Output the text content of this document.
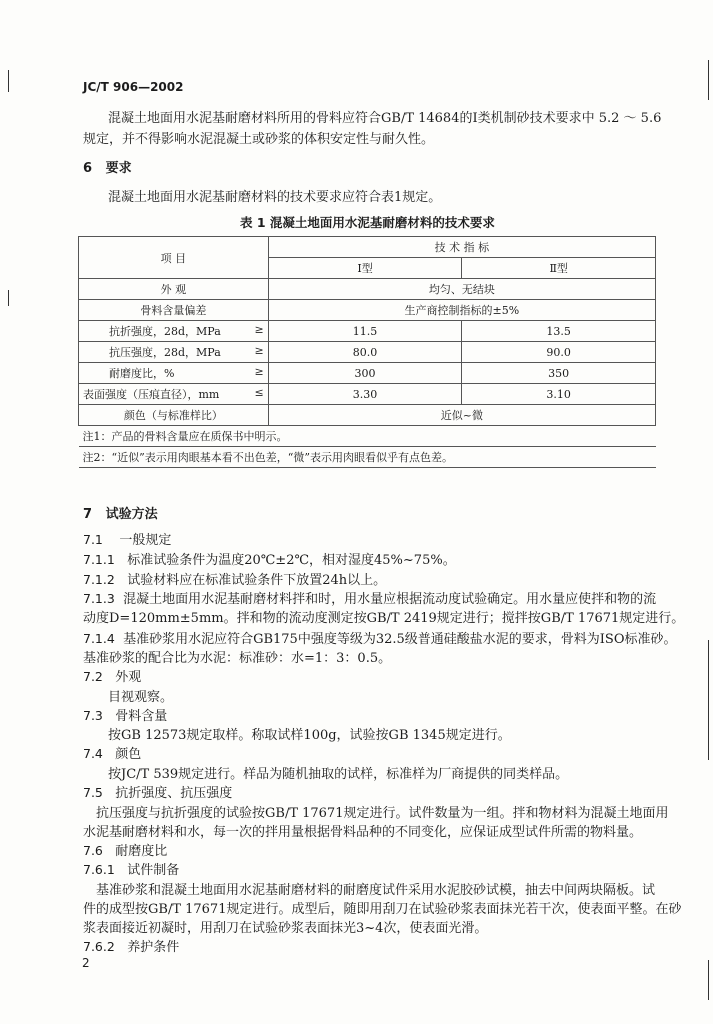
JC/T 906—2002
混凝土地面用水泥基耐磨材料所用的骨料应符合GB/T 14684的Ⅰ类机制砂技术要求中 5.2 ～ 5.6
规定，并不得影响水泥混凝土或砂浆的体积安定性与耐久性。
6 要求
混凝土地面用水泥基耐磨材料的技术要求应符合表1规定。
表 1 混凝土地面用水泥基耐磨材料的技术要求
项 目	技 术 指 标	
	Ⅰ型	Ⅱ型
外 观	均匀、无结块	
骨料含量偏差	生产商控制指标的±5%	

抗折强度，28d，MPa ≥	11.5	13.5

抗压强度，28d，MPa ≥	80.0	90.0

耐磨度比，% ≥	300	350

表面强度（压痕直径），mm ≤	3.30	3.10
颜色（与标准样比）	近似~微	
注1：产品的骨料含量应在质保书中明示。		
注2：“近似”表示用肉眼基本看不出色差，“微”表示用肉眼看似乎有点色差。		
7 试验方法
7.1 一般规定
7.1.1 标准试验条件为温度20℃±2℃，相对湿度45%~75%。
7.1.2 试验材料应在标准试验条件下放置24h以上。
7.1.3 混凝土地面用水泥基耐磨材料拌和时，用水量应根据流动度试验确定。用水量应使拌和物的流
动度D=120mm±5mm。拌和物的流动度测定按GB/T 2419规定进行；搅拌按GB/T 17671规定进行。
7.1.4 基准砂浆用水泥应符合GB175中强度等级为32.5级普通硅酸盐水泥的要求，骨料为ISO标准砂。
基准砂浆的配合比为水泥：标准砂：水=1：3：0.5。
7.2 外观
目视观察。
7.3 骨料含量
按GB 12573规定取样。称取试样100g，试验按GB 1345规定进行。
7.4 颜色
按JC/T 539规定进行。样品为随机抽取的试样，标准样为厂商提供的同类样品。
7.5 抗折强度、抗压强度
抗压强度与抗折强度的试验按GB/T 17671规定进行。试件数量为一组。拌和物材料为混凝土地面用
水泥基耐磨材料和水，每一次的拌用量根据骨料品种的不同变化，应保证成型试件所需的物料量。
7.6 耐磨度比
7.6.1 试件制备
基准砂浆和混凝土地面用水泥基耐磨材料的耐磨度试件采用水泥胶砂试模，抽去中间两块隔板。试
件的成型按GB/T 17671规定进行。成型后，随即用刮刀在试验砂浆表面抹光若干次，使表面平整。在砂
浆表面接近初凝时，用刮刀在试验砂浆表面抹光3~4次，使表面光滑。
7.6.2 养护条件
2
